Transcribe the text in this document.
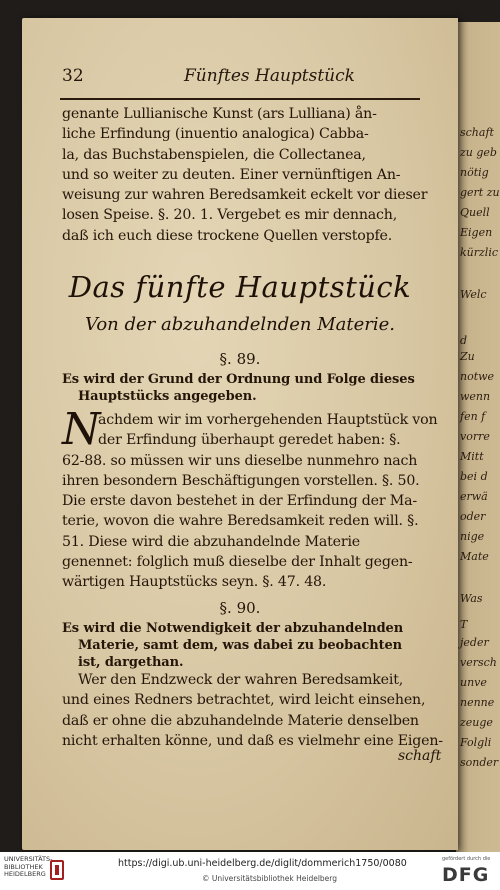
schaft
zu geb
nötig
gert zu
Quell
Eigen
kürzlic
Welc
d
Zu
notwe
wenn
fen f
vorre
Mitt
bei d
erwä
oder
nige
Mate
Was
T
jeder
versch
unve
nenne
zeuge
Folgli
sonder
32	Fünftes Hauptstück
genante Lullianische Kunst (ars Lulliana) ån-
liche Erfindung (inuentio analogica) Cabba-
la, das Buchstabenspielen, die Collectanea,
und so weiter zu deuten. Einer vernünftigen An-
weisung zur wahren Beredsamkeit eckelt vor dieser
losen Speise. §. 20. 1. Vergebet es mir dennach,
daß ich euch diese trockene Quellen verstopfe.
Das fünfte Hauptstück
Von der abzuhandelnden Materie.
§. 89.
Es wird der Grund der Ordnung und Folge dieses
Hauptstücks angegeben.
N
achdem wir im vorhergehenden Hauptstück von
der Erfindung überhaupt geredet haben: §.
62-88. so müssen wir uns dieselbe nunmehro nach
ihren besondern Beschäftigungen vorstellen. §. 50.
Die erste davon bestehet in der Erfindung der Ma-
terie, wovon die wahre Beredsamkeit reden will. §.
51. Diese wird die abzuhandelnde Materie
genennet: folglich muß dieselbe der Inhalt gegen-
wärtigen Hauptstücks seyn. §. 47. 48.
§. 90.
Es wird die Notwendigkeit der abzuhandelnden
Materie, samt dem, was dabei zu beobachten
ist, dargethan.
Wer den Endzweck der wahren Beredsamkeit,
und eines Redners betrachtet, wird leicht einsehen,
daß er ohne die abzuhandelnde Materie denselben
nicht erhalten könne, und daß es vielmehr eine Eigen-
schaft
UNIVERSITÄTS-
BIBLIOTHEK
HEIDELBERG
https://digi.ub.uni-heidelberg.de/diglit/dommerich1750/0080
© Universitätsbibliothek Heidelberg
gefördert durch die
DFG
